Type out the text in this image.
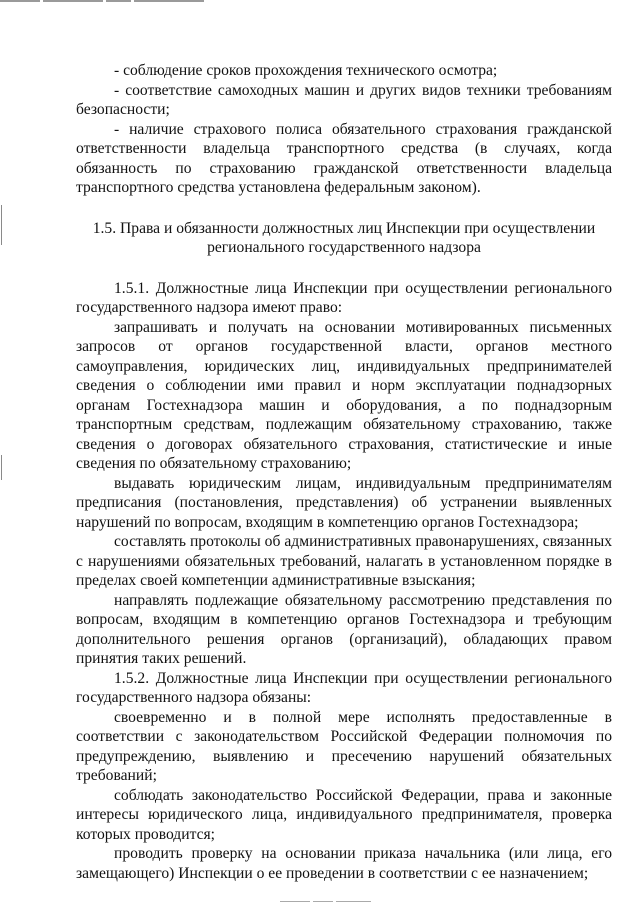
- соблюдение сроков прохождения технического осмотра;

- соответствие самоходных машин и других видов техники требованиям безопасности;

- наличие страхового полиса обязательного страхования гражданской ответственности владельца транспортного средства (в случаях, когда обязанность по страхованию гражданской ответственности владельца транспортного средства установлена федеральным законом).

1.5. Права и обязанности должностных лиц Инспекции при осуществлении
регионального государственного надзора

1.5.1. Должностные лица Инспекции при осуществлении регионального государственного надзора имеют право:

запрашивать и получать на основании мотивированных письменных запросов от органов государственной власти, органов местного самоуправления, юридических лиц, индивидуальных предпринимателей сведения о соблюдении ими правил и норм эксплуатации поднадзорных органам Гостехнадзора машин и оборудования, а по поднадзорным транспортным средствам, подлежащим обязательному страхованию, также сведения о договорах обязательного страхования, статистические и иные сведения по обязательному страхованию;

выдавать юридическим лицам, индивидуальным предпринимателям предписания (постановления, представления) об устранении выявленных нарушений по вопросам, входящим в компетенцию органов Гостехнадзора;

составлять протоколы об административных правонарушениях, связанных с нарушениями обязательных требований, налагать в установленном порядке в пределах своей компетенции административные взыскания;

направлять подлежащие обязательному рассмотрению представления по вопросам, входящим в компетенцию органов Гостехнадзора и требующим дополнительного решения органов (организаций), обладающих правом принятия таких решений.

1.5.2. Должностные лица Инспекции при осуществлении регионального государственного надзора обязаны:

своевременно и в полной мере исполнять предоставленные в соответствии с законодательством Российской Федерации полномочия по предупреждению, выявлению и пресечению нарушений обязательных требований;

соблюдать законодательство Российской Федерации, права и законные интересы юридического лица, индивидуального предпринимателя, проверка которых проводится;

проводить проверку на основании приказа начальника (или лица, его замещающего) Инспекции о ее проведении в соответствии с ее назначением;
